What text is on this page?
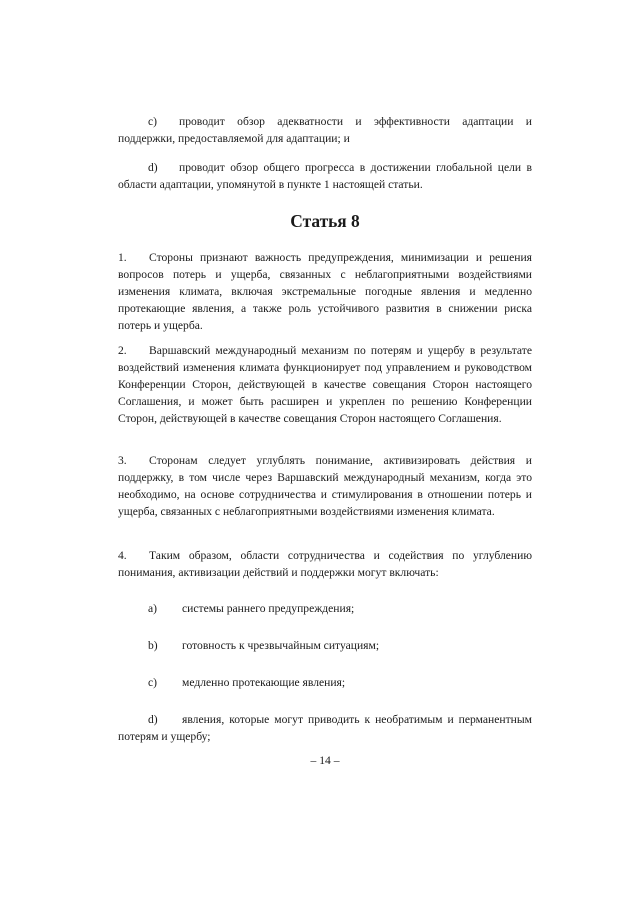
c) проводит обзор адекватности и эффективности адаптации и поддержки, предоставляемой для адаптации; и

d) проводит обзор общего прогресса в достижении глобальной цели в области адаптации, упомянутой в пункте 1 настоящей статьи.

Статья 8

1. Стороны признают важность предупреждения, минимизации и решения вопросов потерь и ущерба, связанных с неблагоприятными воздействиями изменения климата, включая экстремальные погодные явления и медленно протекающие явления, а также роль устойчивого развития в снижении риска потерь и ущерба.

2. Варшавский международный механизм по потерям и ущербу в результате воздействий изменения климата функционирует под управлением и руководством Конференции Сторон, действующей в качестве совещания Сторон настоящего Соглашения, и может быть расширен и укреплен по решению Конференции Сторон, действующей в качестве совещания Сторон настоящего Соглашения.

3. Сторонам следует углублять понимание, активизировать действия и поддержку, в том числе через Варшавский международный механизм, когда это необходимо, на основе сотрудничества и стимулирования в отношении потерь и ущерба, связанных с неблагоприятными воздействиями изменения климата.

4. Таким образом, области сотрудничества и содействия по углублению понимания, активизации действий и поддержки могут включать:

a) системы раннего предупреждения;

b) готовность к чрезвычайным ситуациям;

c) медленно протекающие явления;

d) явления, которые могут приводить к необратимым и перманентным потерям и ущербу;

– 14 –
